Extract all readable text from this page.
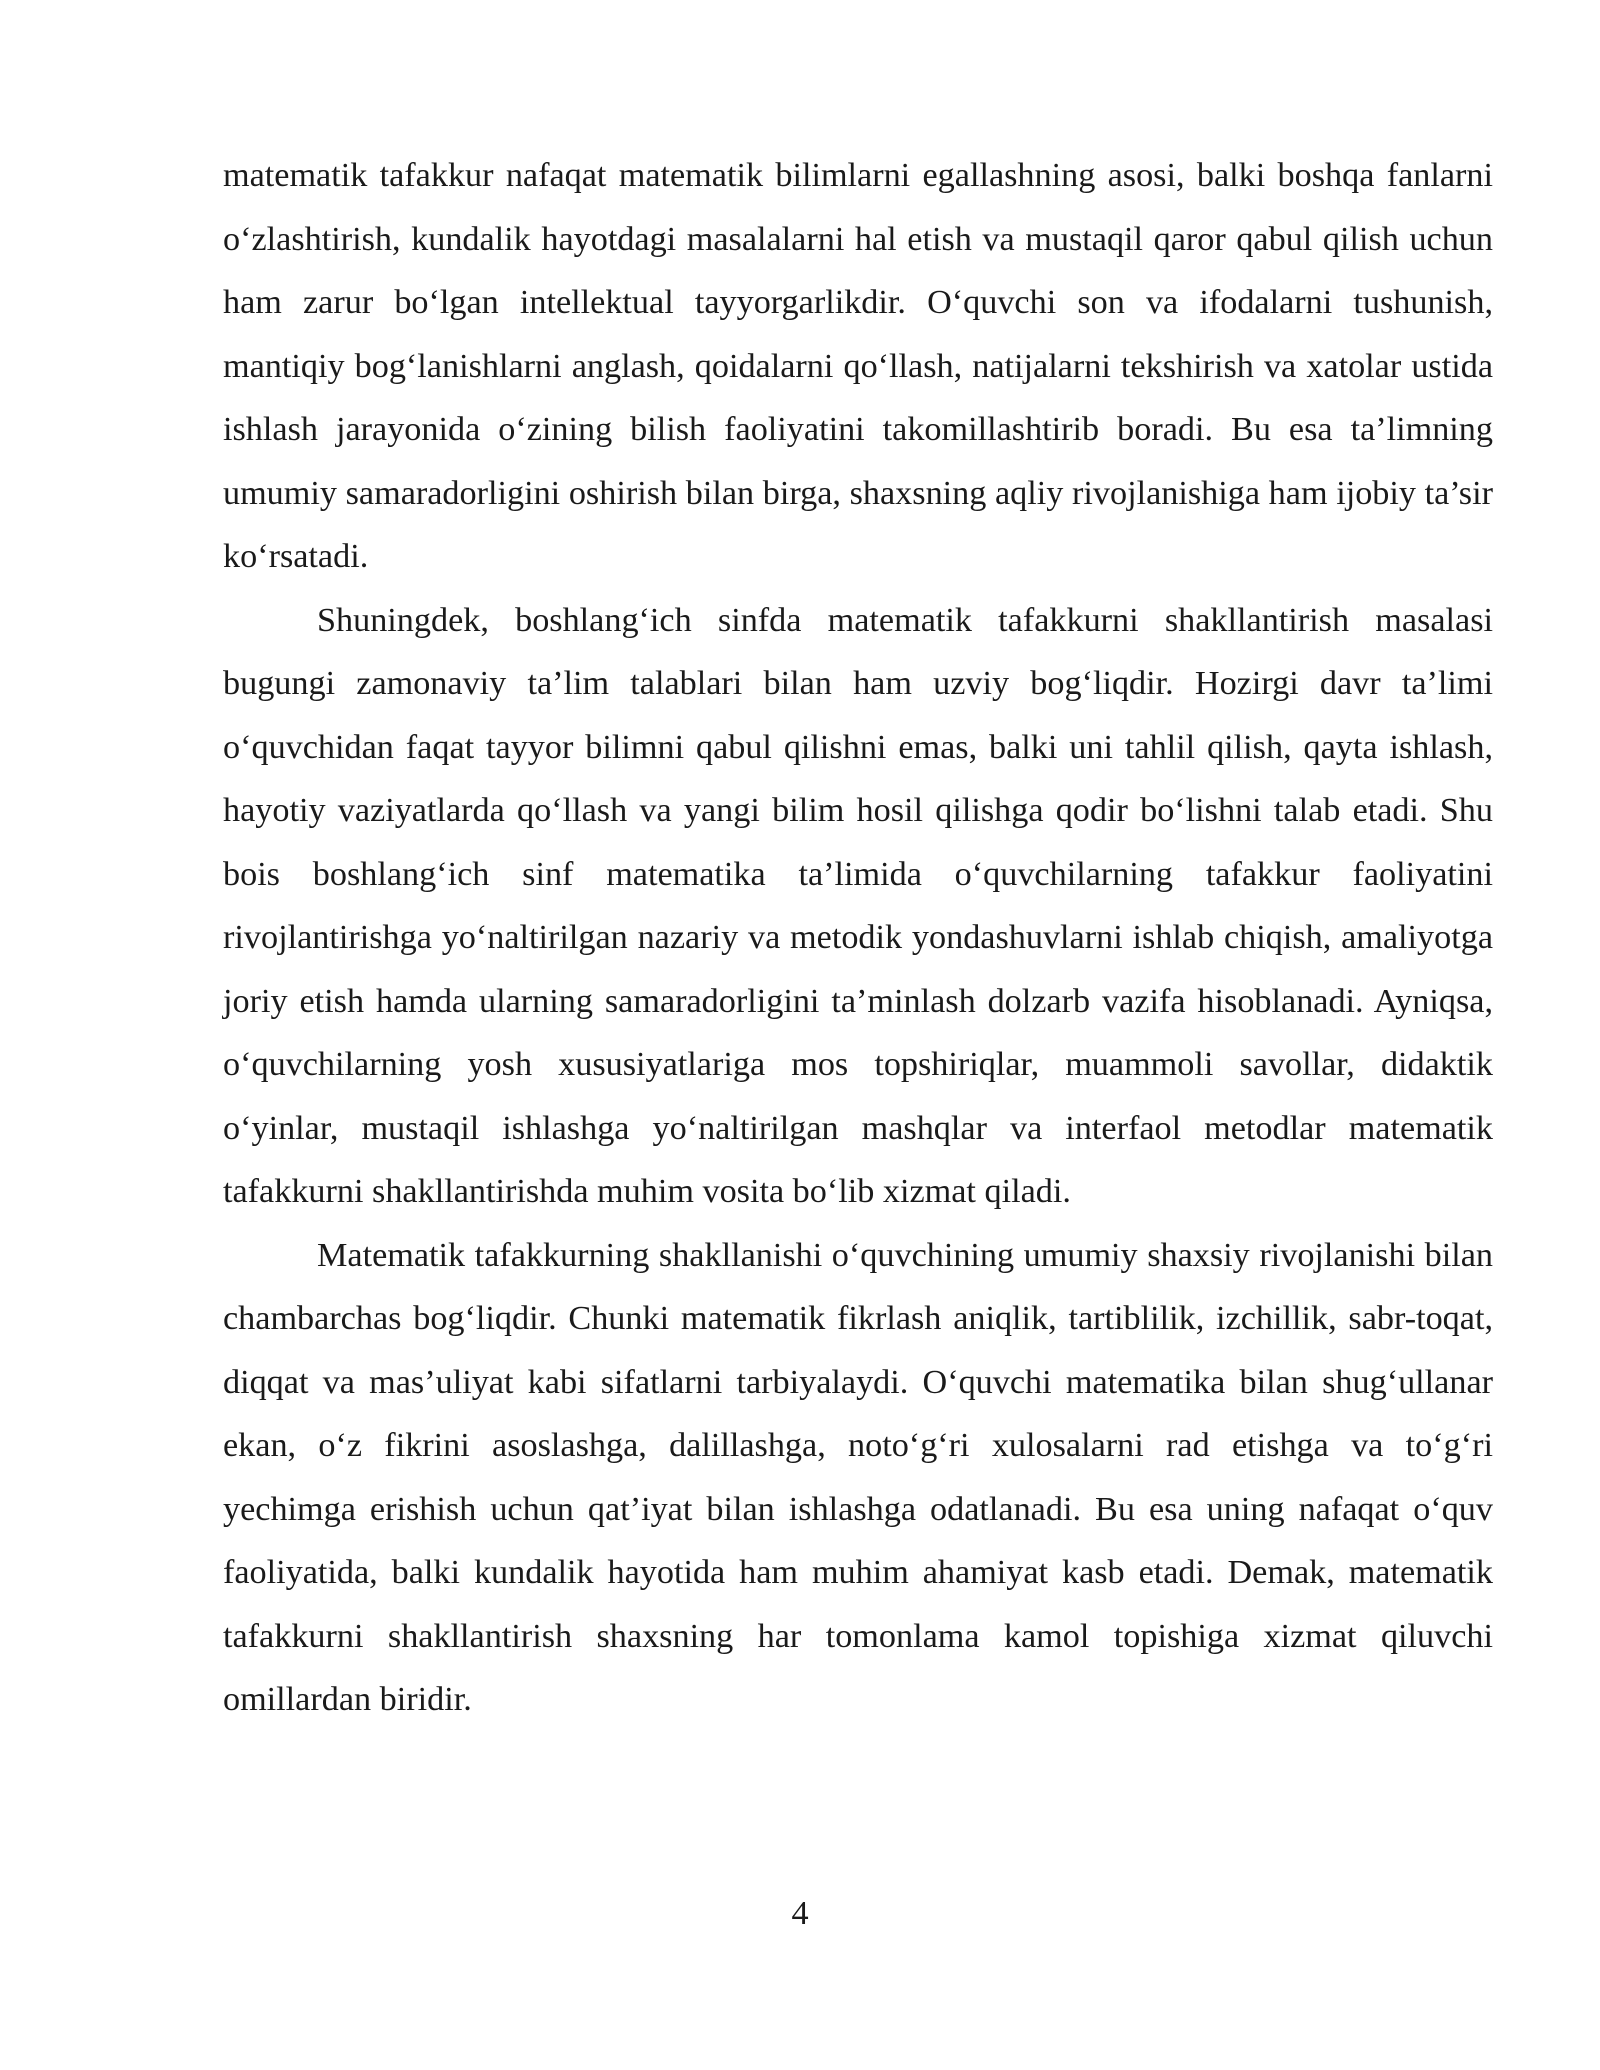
matematik tafakkur nafaqat matematik bilimlarni egallashning asosi, balki boshqa fanlarni o‘zlashtirish, kundalik hayotdagi masalalarni hal etish va mustaqil qaror qabul qilish uchun ham zarur bo‘lgan intellektual tayyorgarlikdir. O‘quvchi son va ifodalarni tushunish, mantiqiy bog‘lanishlarni anglash, qoidalarni qo‘llash, natijalarni tekshirish va xatolar ustida ishlash jarayonida o‘zining bilish faoliyatini takomillashtirib boradi. Bu esa ta’limning umumiy samaradorligini oshirish bilan birga, shaxsning aqliy rivojlanishiga ham ijobiy ta’sir ko‘rsatadi.

Shuningdek, boshlang‘ich sinfda matematik tafakkurni shakllantirish masalasi bugungi zamonaviy ta’lim talablari bilan ham uzviy bog‘liqdir. Hozirgi davr ta’limi o‘quvchidan faqat tayyor bilimni qabul qilishni emas, balki uni tahlil qilish, qayta ishlash, hayotiy vaziyatlarda qo‘llash va yangi bilim hosil qilishga qodir bo‘lishni talab etadi. Shu bois boshlang‘ich sinf matematika ta’limida o‘quvchilarning tafakkur faoliyatini rivojlantirishga yo‘naltirilgan nazariy va metodik yondashuvlarni ishlab chiqish, amaliyotga joriy etish hamda ularning samaradorligini ta’minlash dolzarb vazifa hisoblanadi. Ayniqsa, o‘quvchilarning yosh xususiyatlariga mos topshiriqlar, muammoli savollar, didaktik o‘yinlar, mustaqil ishlashga yo‘naltirilgan mashqlar va interfaol metodlar matematik tafakkurni shakllantirishda muhim vosita bo‘lib xizmat qiladi.

Matematik tafakkurning shakllanishi o‘quvchining umumiy shaxsiy rivojlanishi bilan chambarchas bog‘liqdir. Chunki matematik fikrlash aniqlik, tartiblilik, izchillik, sabr-toqat, diqqat va mas’uliyat kabi sifatlarni tarbiyalaydi. O‘quvchi matematika bilan shug‘ullanar ekan, o‘z fikrini asoslashga, dalillashga, noto‘g‘ri xulosalarni rad etishga va to‘g‘ri yechimga erishish uchun qat’iyat bilan ishlashga odatlanadi. Bu esa uning nafaqat o‘quv faoliyatida, balki kundalik hayotida ham muhim ahamiyat kasb etadi. Demak, matematik tafakkurni shakllantirish shaxsning har tomonlama kamol topishiga xizmat qiluvchi omillardan biridir.

4
